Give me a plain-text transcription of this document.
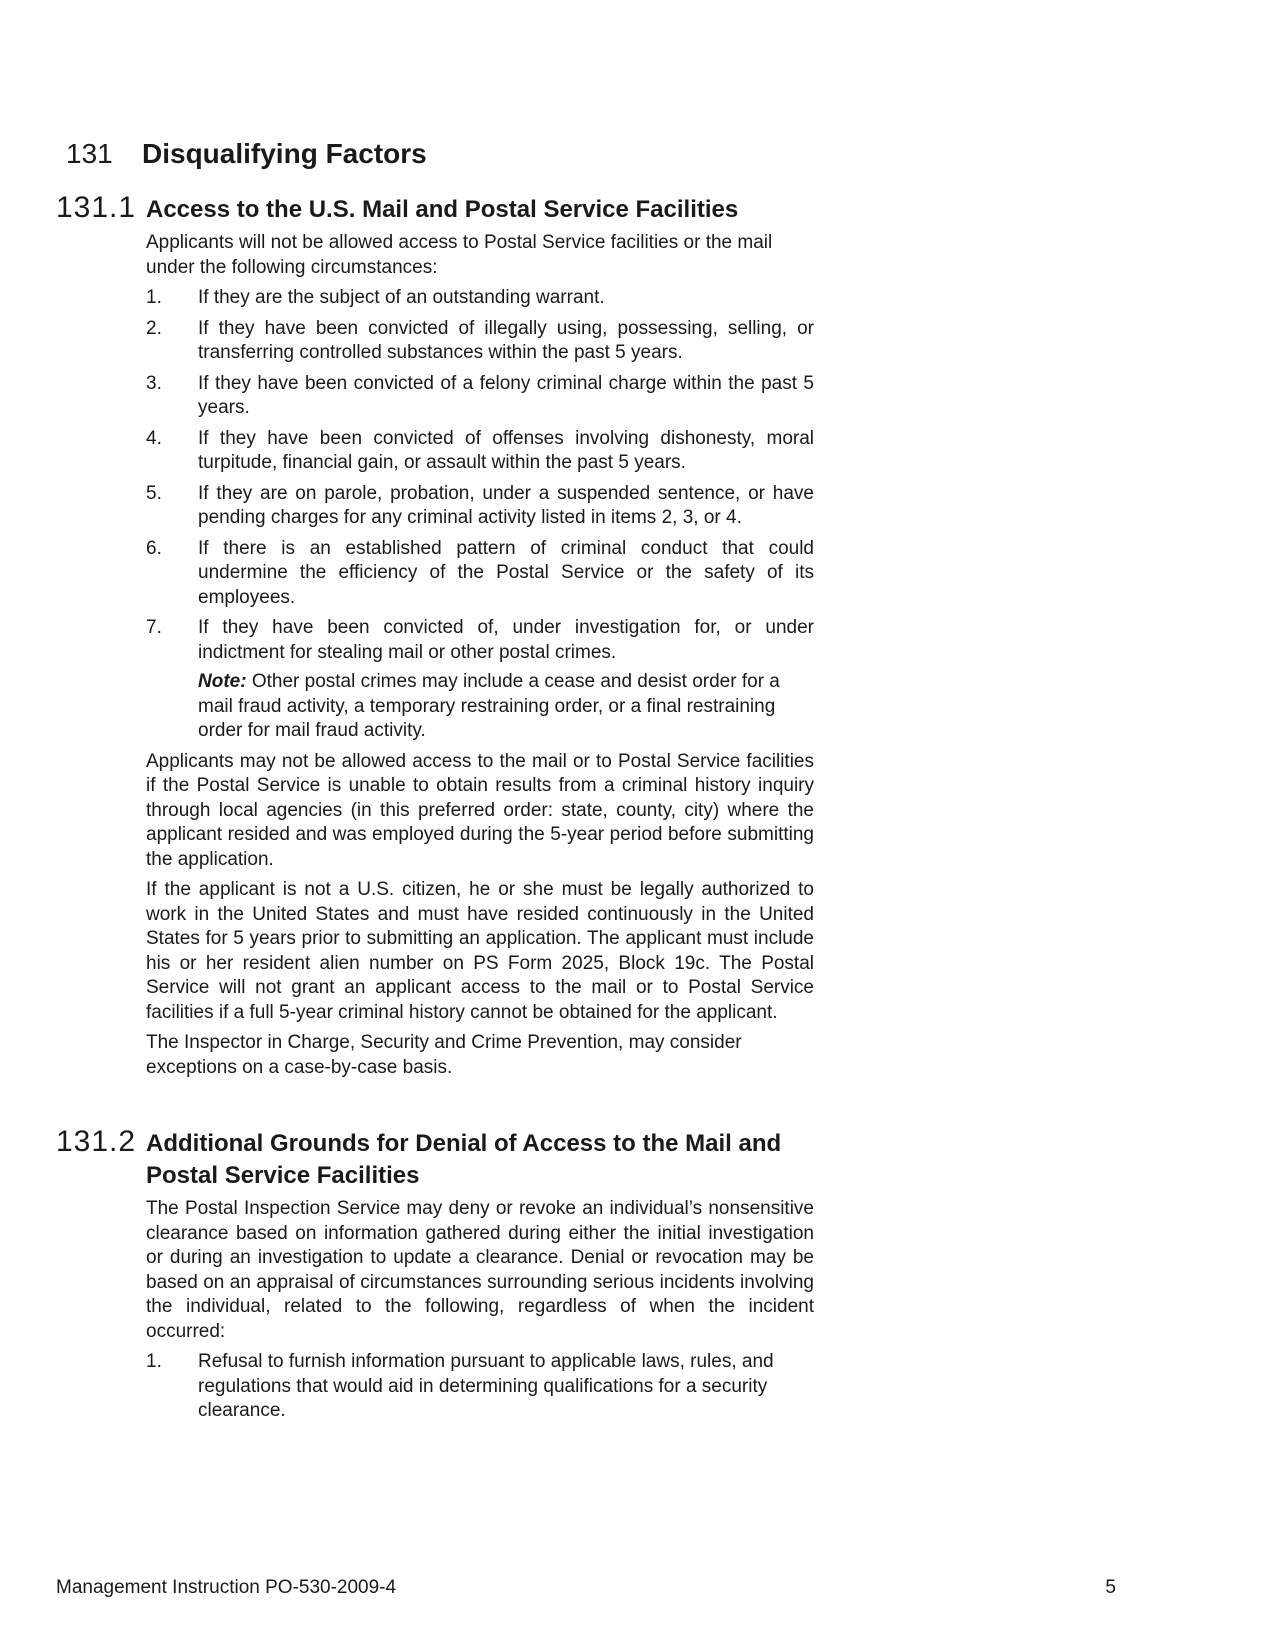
131 Disqualifying Factors
131.1 Access to the U.S. Mail and Postal Service Facilities

Applicants will not be allowed access to Postal Service facilities or the mail under the following circumstances:

1. If they are the subject of an outstanding warrant.
2. If they have been convicted of illegally using, possessing, selling, or transferring controlled substances within the past 5 years.
3. If they have been convicted of a felony criminal charge within the past 5 years.
4. If they have been convicted of offenses involving dishonesty, moral turpitude, financial gain, or assault within the past 5 years.
5. If they are on parole, probation, under a suspended sentence, or have pending charges for any criminal activity listed in items 2, 3, or 4.
6. If there is an established pattern of criminal conduct that could undermine the efficiency of the Postal Service or the safety of its employees.
7. If they have been convicted of, under investigation for, or under indictment for stealing mail or other postal crimes.
Note: Other postal crimes may include a cease and desist order for a mail fraud activity, a temporary restraining order, or a final restraining order for mail fraud activity.

Applicants may not be allowed access to the mail or to Postal Service facilities if the Postal Service is unable to obtain results from a criminal history inquiry through local agencies (in this preferred order: state, county, city) where the applicant resided and was employed during the 5-year period before submitting the application.

If the applicant is not a U.S. citizen, he or she must be legally authorized to work in the United States and must have resided continuously in the United States for 5 years prior to submitting an application. The applicant must include his or her resident alien number on PS Form 2025, Block 19c. The Postal Service will not grant an applicant access to the mail or to Postal Service facilities if a full 5-year criminal history cannot be obtained for the applicant.

The Inspector in Charge, Security and Crime Prevention, may consider exceptions on a case-by-case basis.

131.2 Additional Grounds for Denial of Access to the Mail and Postal Service Facilities

The Postal Inspection Service may deny or revoke an individual’s nonsensitive clearance based on information gathered during either the initial investigation or during an investigation to update a clearance. Denial or revocation may be based on an appraisal of circumstances surrounding serious incidents involving the individual, related to the following, regardless of when the incident occurred:

1. Refusal to furnish information pursuant to applicable laws, rules, and regulations that would aid in determining qualifications for a security clearance.
Management Instruction PO-530-2009-4	5
